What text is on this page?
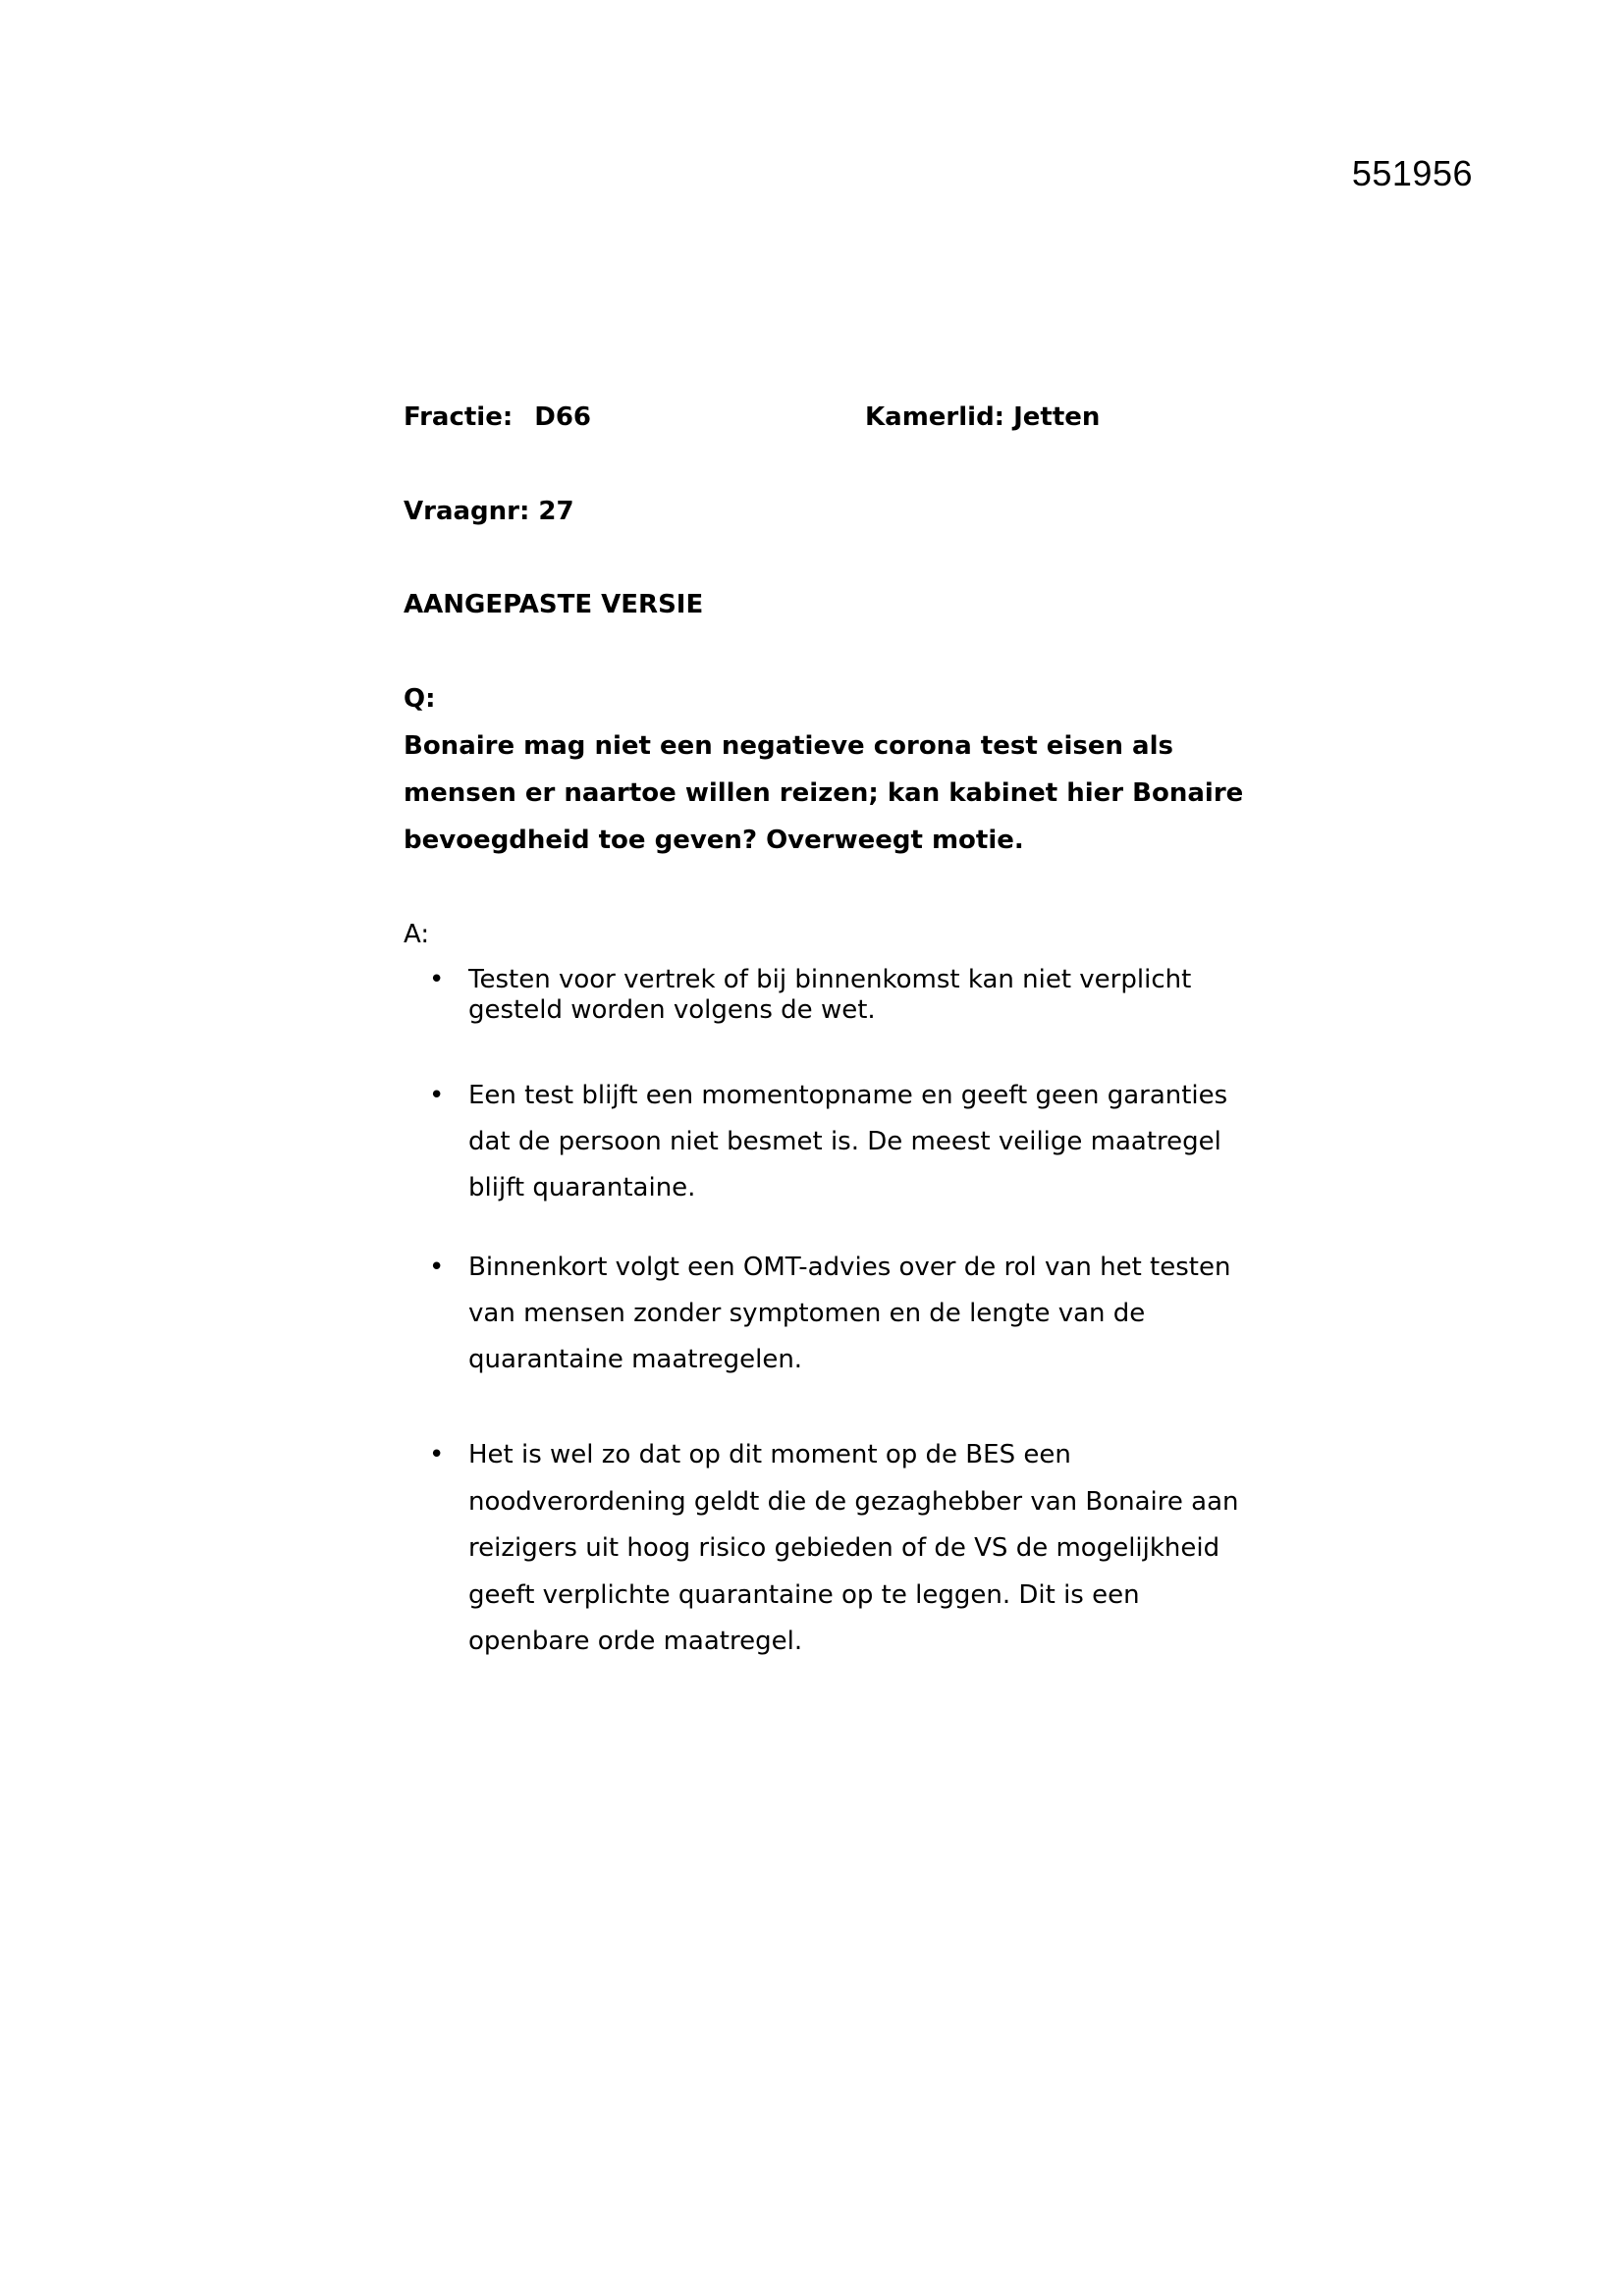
551956
Fractie: D66	Kamerlid: Jetten
Vraagnr: 27
AANGEPASTE VERSIE
Q:
Bonaire mag niet een negatieve corona test eisen als mensen er naartoe willen reizen; kan kabinet hier Bonaire bevoegdheid toe geven? Overweegt motie.
A:
• Testen voor vertrek of bij binnenkomst kan niet verplicht gesteld worden volgens de wet.
• Een test blijft een momentopname en geeft geen garanties dat de persoon niet besmet is. De meest veilige maatregel blijft quarantaine.
• Binnenkort volgt een OMT-advies over de rol van het testen van mensen zonder symptomen en de lengte van de quarantaine maatregelen.
• Het is wel zo dat op dit moment op de BES een noodverordening geldt die de gezaghebber van Bonaire aan reizigers uit hoog risico gebieden of de VS de mogelijkheid geeft verplichte quarantaine op te leggen. Dit is een openbare orde maatregel.
